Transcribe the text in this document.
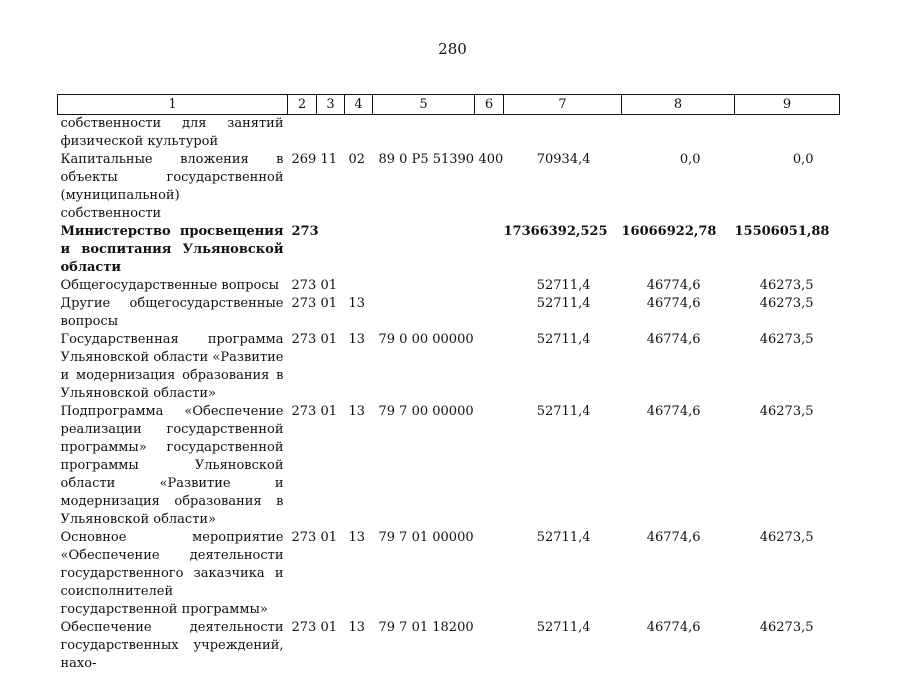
280
1	2	3	4	5	6	7	8	9
собственности для занятий физической культурой								
Капитальные вложения в объекты государственной (муниципальной) собственности	269	11	02	89 0 Р5 51390	400	70934,4	0,0	0,0
Министерство просвещения и воспитания Ульяновской области	273					17366392,525	16066922,78	15506051,88
Общегосударственные вопросы	273	01				52711,4	46774,6	46273,5
Другие общегосударственные вопросы	273	01	13			52711,4	46774,6	46273,5
Государственная программа Ульяновской области «Развитие и модернизация образования в Ульяновской области»	273	01	13	79 0 00 00000		52711,4	46774,6	46273,5
Подпрограмма «Обеспечение реализации государственной программы» государственной программы Ульяновской области «Развитие и модернизация образования в Ульяновской области»	273	01	13	79 7 00 00000		52711,4	46774,6	46273,5
Основное мероприятие «Обеспечение деятельности государственного заказчика и соисполнителей государственной программы»	273	01	13	79 7 01 00000		52711,4	46774,6	46273,5
Обеспечение деятельности государственных учреждений, нахо-	273	01	13	79 7 01 18200		52711,4	46774,6	46273,5
